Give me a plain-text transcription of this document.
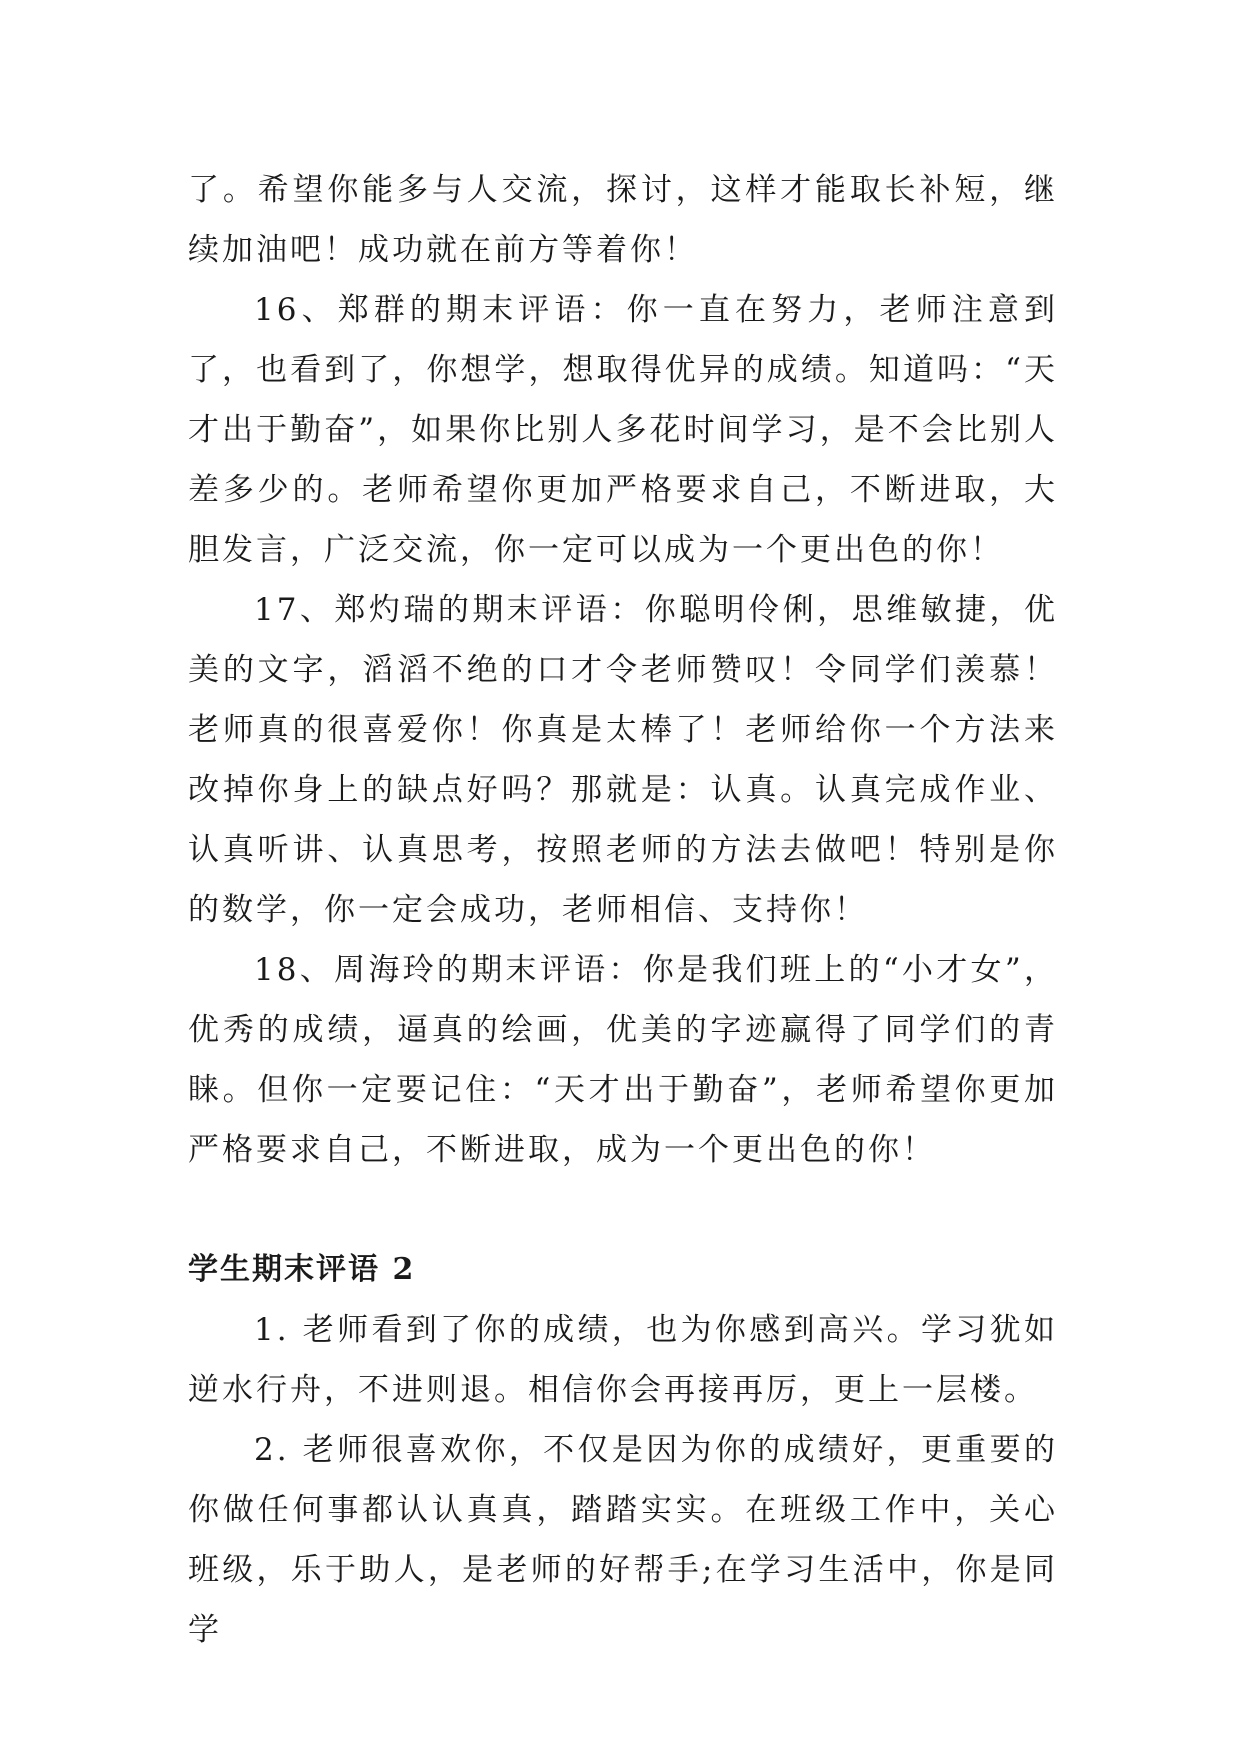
了。希望你能多与人交流，探讨，这样才能取长补短，继续加油吧！成功就在前方等着你！

16、郑群的期末评语：你一直在努力，老师注意到了，也看到了，你想学，想取得优异的成绩。知道吗：“天才出于勤奋”，如果你比别人多花时间学习，是不会比别人差多少的。老师希望你更加严格要求自己，不断进取，大胆发言，广泛交流，你一定可以成为一个更出色的你！

17、郑灼瑞的期末评语：你聪明伶俐，思维敏捷，优美的文字，滔滔不绝的口才令老师赞叹！令同学们羡慕！老师真的很喜爱你！你真是太棒了！老师给你一个方法来改掉你身上的缺点好吗？那就是：认真。认真完成作业、认真听讲、认真思考，按照老师的方法去做吧！特别是你的数学，你一定会成功，老师相信、支持你！

18、周海玲的期末评语：你是我们班上的“小才女”，优秀的成绩，逼真的绘画，优美的字迹赢得了同学们的青睐。但你一定要记住：“天才出于勤奋”，老师希望你更加严格要求自己，不断进取，成为一个更出色的你！

学生期末评语 2

1. 老师看到了你的成绩，也为你感到高兴。学习犹如逆水行舟，不进则退。相信你会再接再厉，更上一层楼。

2. 老师很喜欢你，不仅是因为你的成绩好，更重要的你做任何事都认认真真，踏踏实实。在班级工作中，关心班级，乐于助人，是老师的好帮手;在学习生活中，你是同学
